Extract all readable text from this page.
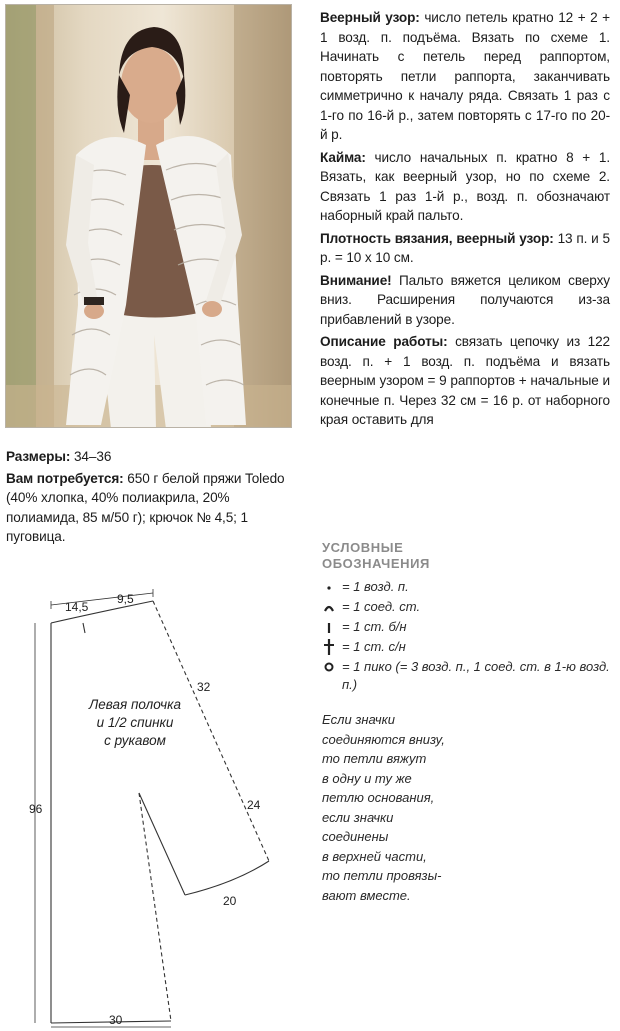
Веерный узор: число петель кратно 12 + 2 + 1 возд. п. подъёма. Вязать по схеме 1. Начинать с петель перед раппортом, повторять петли раппорта, заканчивать симметрично к началу ряда. Связать 1 раз с 1-го по 16-й р., затем повторять с 17-го по 20-й р.

Кайма: число начальных п. кратно 8 + 1. Вязать, как веерный узор, но по схеме 2. Связать 1 раз 1-й р., возд. п. обозначают наборный край пальто.

Плотность вязания, веерный узор: 13 п. и 5 р. = 10 х 10 см.

Внимание! Пальто вяжется целиком сверху вниз. Расширения получаются из-за прибавлений в узоре.

Описание работы: связать цепочку из 122 возд. п. + 1 возд. п. подъёма и вязать веерным узором = 9 раппортов + начальные и конечные п. Через 32 см = 16 р. от наборного края оставить для

Размеры: 34–36

Вам потребуется: 650 г белой пряжи Toledo (40% хлопка, 40% полиакрила, 20% полиамида, 85 м/50 г); крючок № 4,5; 1 пуговица.

14,5
9,5
32
24
96
20
30
Левая полочка
и 1/2 спинки
с рукавом
УСЛОВНЫЕ
ОБОЗНАЧЕНИЯ
= 1 возд. п.
= 1 соед. ст.
= 1 ст. б/н
= 1 ст. с/н
= 1 пико (= 3 возд. п., 1 соед. ст. в 1-ю возд. п.)
Если значки
соединяются внизу,
то петли вяжут
в одну и ту же
петлю основания,
если значки
соединены
в верхней части,
то петли провязы-
вают вместе.
